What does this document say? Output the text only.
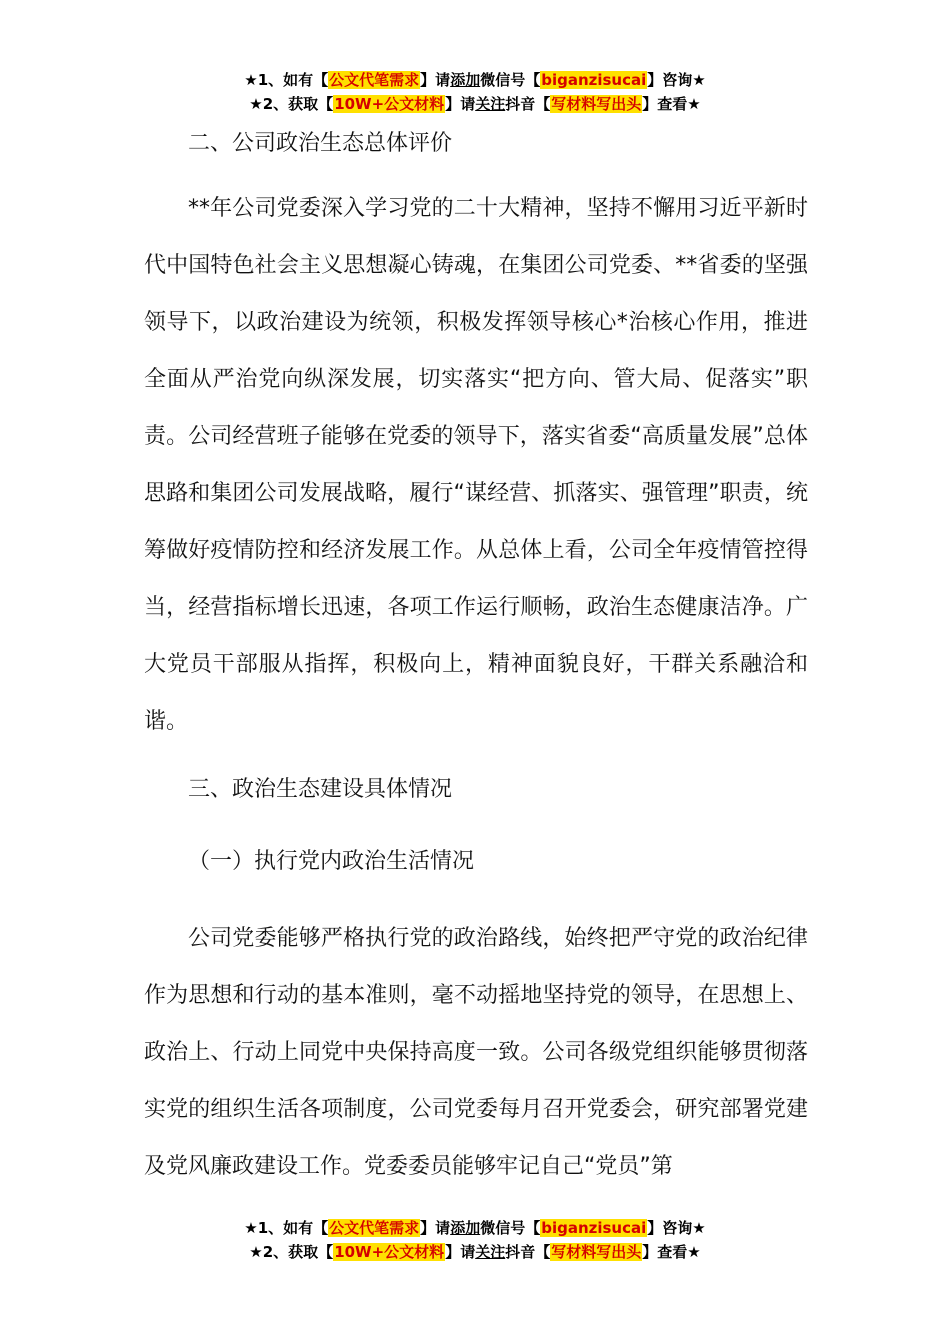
★1、如有【公文代笔需求】请添加微信号【biganzisucai】咨询★
★2、获取【10W+公文材料】请关注抖音【写材料写出头】查看★

二、公司政治生态总体评价

**年公司党委深入学习党的二十大精神，坚持不懈用习近平新时代中国特色社会主义思想凝心铸魂，在集团公司党委、**省委的坚强领导下，以政治建设为统领，积极发挥领导核心*治核心作用，推进全面从严治党向纵深发展，切实落实“把方向、管大局、促落实”职责。公司经营班子能够在党委的领导下，落实省委“高质量发展”总体思路和集团公司发展战略，履行“谋经营、抓落实、强管理”职责，统筹做好疫情防控和经济发展工作。从总体上看，公司全年疫情管控得当，经营指标增长迅速，各项工作运行顺畅，政治生态健康洁净。广大党员干部服从指挥，积极向上，精神面貌良好，干群关系融洽和谐。

三、政治生态建设具体情况

（一）执行党内政治生活情况

公司党委能够严格执行党的政治路线，始终把严守党的政治纪律作为思想和行动的基本准则，毫不动摇地坚持党的领导，在思想上、政治上、行动上同党中央保持高度一致。公司各级党组织能够贯彻落实党的组织生活各项制度，公司党委每月召开党委会，研究部署党建及党风廉政建设工作。党委委员能够牢记自己“党员”第

★1、如有【公文代笔需求】请添加微信号【biganzisucai】咨询★
★2、获取【10W+公文材料】请关注抖音【写材料写出头】查看★
